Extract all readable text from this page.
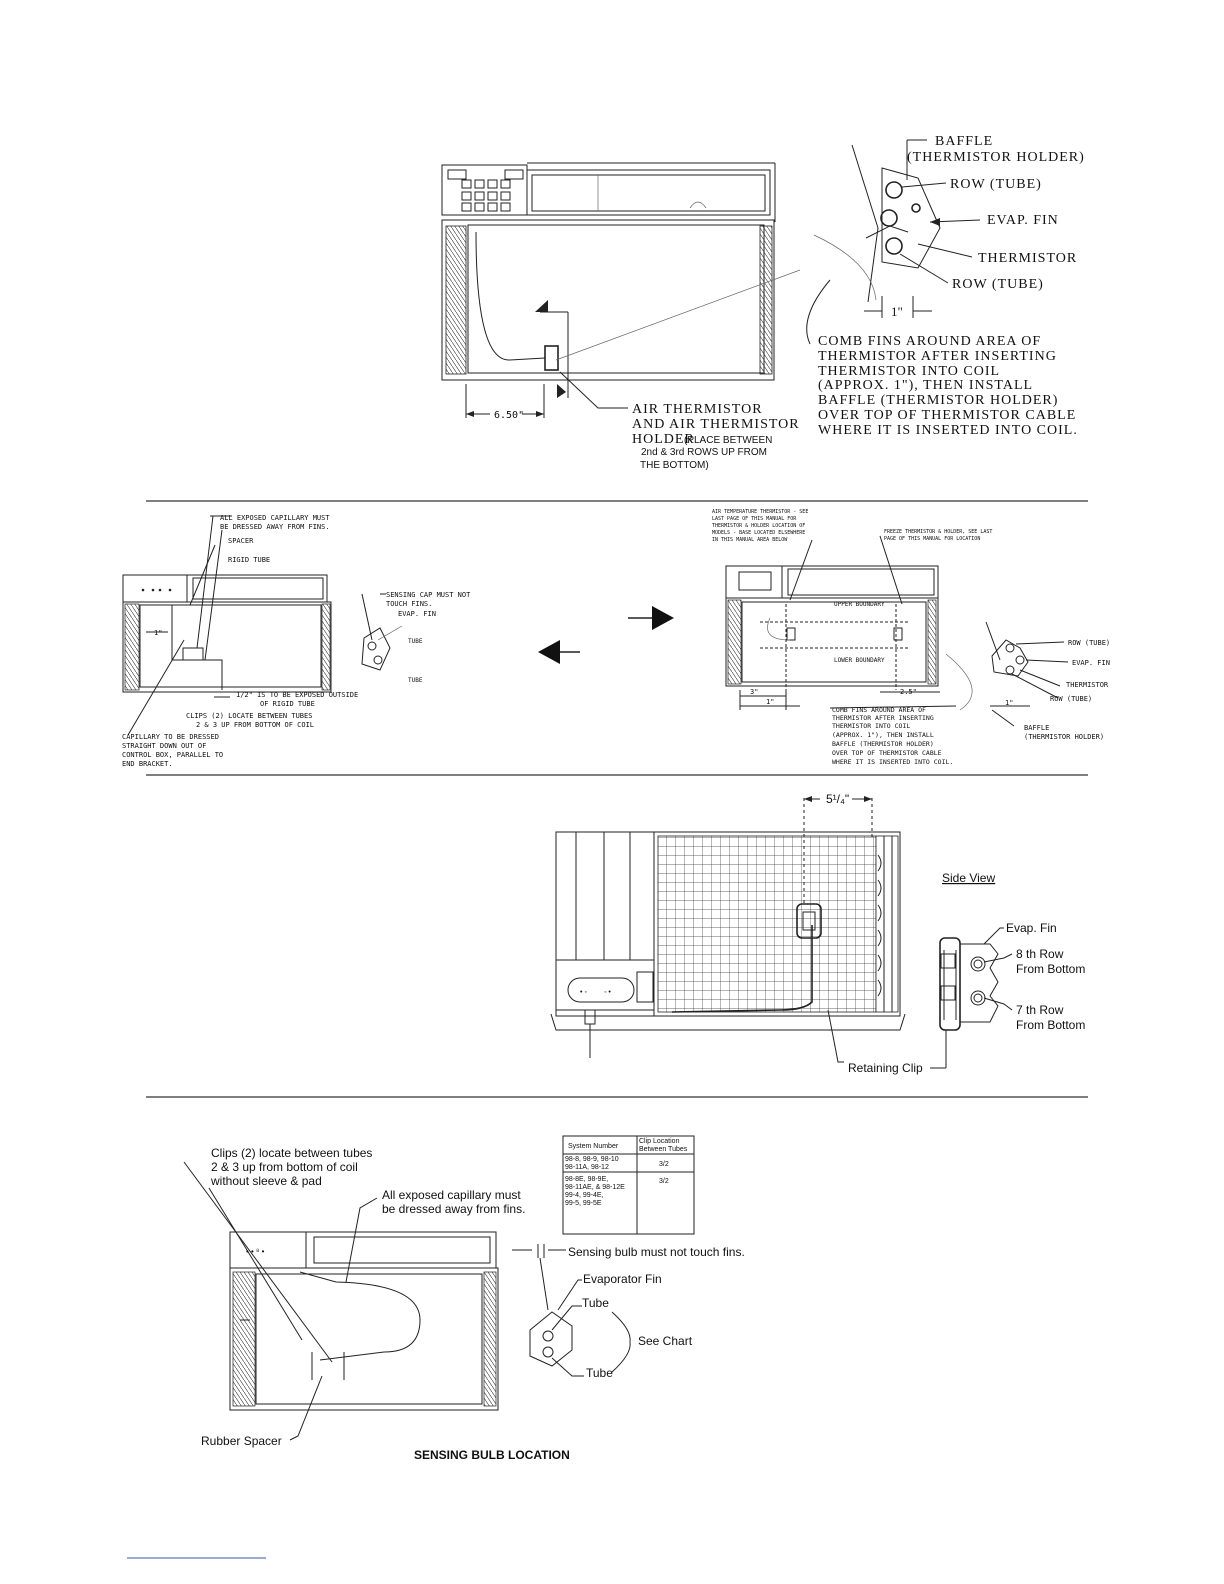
6.50"	AIR THERMISTOR
AND AIR THERMISTOR
HOLDER
(PLACE BETWEEN
2nd & 3rd ROWS UP FROM
THE BOTTOM)
BAFFLE
(THERMISTOR HOLDER)
ROW (TUBE)
EVAP. FIN
THERMISTOR
ROW (TUBE)
1"
COMB FINS AROUND AREA OF
THERMISTOR AFTER INSERTING
THERMISTOR INTO COIL
(APPROX. 1"), THEN INSTALL
BAFFLE (THERMISTOR HOLDER)
OVER TOP OF THERMISTOR CABLE
WHERE IT IS INSERTED INTO COIL.
1"
ALL EXPOSED CAPILLARY MUST
BE DRESSED AWAY FROM FINS.
SPACER
RIGID TUBE
1/2" IS TO BE EXPOSED OUTSIDE
OF RIGID TUBE
CLIPS (2) LOCATE BETWEEN TUBES
2 & 3 UP FROM BOTTOM OF COIL
CAPILLARY TO BE DRESSED
STRAIGHT DOWN OUT OF
CONTROL BOX, PARALLEL TO
END BRACKET.
SENSING CAP MUST NOT
TOUCH FINS.
EVAP. FIN
TUBE
TUBE
UPPER BOUNDARY
LOWER BOUNDARY
AIR TEMPERATURE THERMISTOR - SEE
LAST PAGE OF THIS MANUAL FOR
THERMISTOR & HOLDER LOCATION OF
MODELS - BASE LOCATED ELSEWHERE
IN THIS MANUAL AREA BELOW
FREEZE THERMISTOR & HOLDER, SEE LAST
PAGE OF THIS MANUAL FOR LOCATION
3"
1"
2.5"
ROW (TUBE)
EVAP. FIN
THERMISTOR
ROW (TUBE)
1"
BAFFLE
(THERMISTOR HOLDER)
COMB FINS AROUND AREA OF
THERMISTOR AFTER INSERTING
THERMISTOR INTO COIL
(APPROX. 1"), THEN INSTALL
BAFFLE (THERMISTOR HOLDER)
OVER TOP OF THERMISTOR CABLE
WHERE IT IS INSERTED INTO COIL.
• ◦ ◦ •
5¹/₄"
Side View
Evap. Fin
8 th Row
From Bottom
7 th Row
From Bottom
Retaining Clip
Clips (2) locate between tubes
2 & 3 up from bottom of coil
without sleeve & pad
All exposed capillary must
be dressed away from fins.
System Number
Clip Location
Between Tubes
98-8, 98-9, 98-10
98-11A, 98-12	3/2
98-8E, 98-9E,
98-11AE, & 98-12E
99-4, 99-4E,
99-5, 99-5E
3/2
• • ⁸ •
Rubber Spacer
SENSING BULB LOCATION
Sensing bulb must not touch fins.
Evaporator Fin
Tube
Tube
See Chart
